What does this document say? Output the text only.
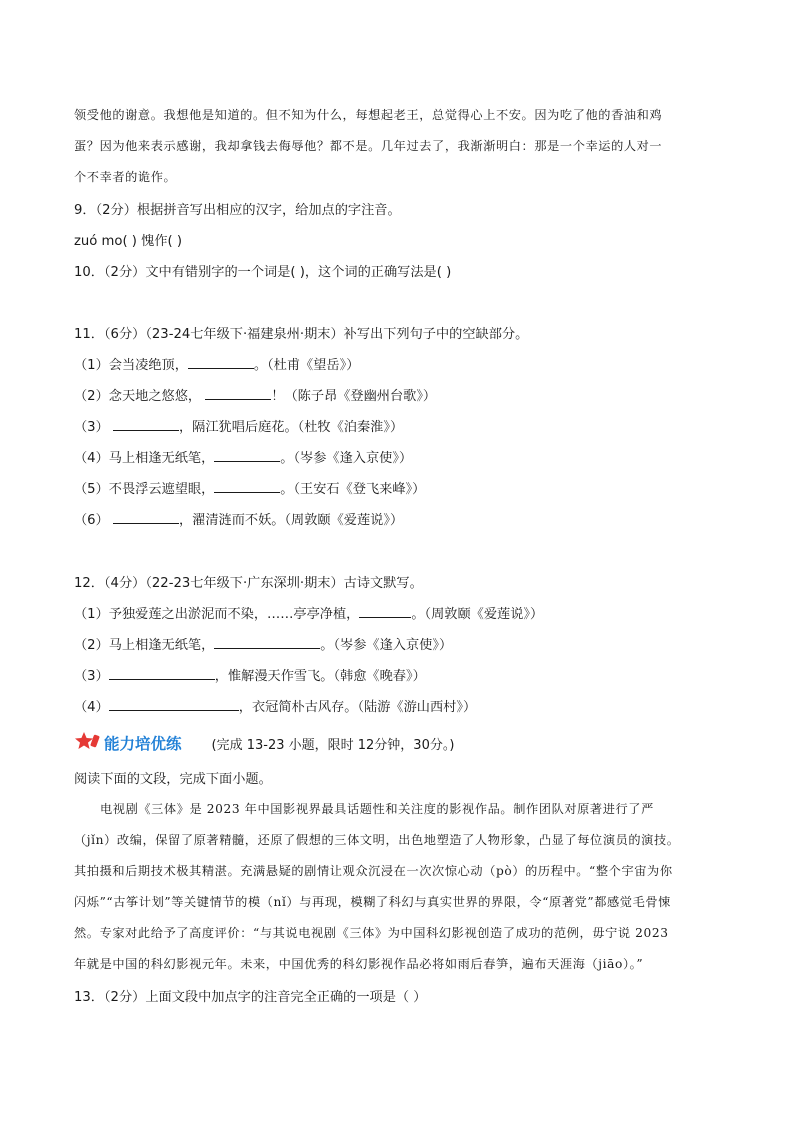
领受他的谢意。我想他是知道的。但不知为什么，每想起老王，总觉得心上不安。因为吃了他的香油和鸡
蛋？因为他来表示感谢，我却拿钱去侮辱他？都不是。几年过去了，我渐渐明白：那是一个幸运的人对一
个不幸者的诡作。
9．（2分）根据拼音写出相应的汉字，给加点的字注音。
zuó mo( ) 愧作( )
10．（2分）文中有错别字的一个词是( )，这个词的正确写法是( )
11．（6分）（23-24七年级下·福建泉州·期末）补写出下列句子中的空缺部分。
（1）会当凌绝顶，	。（杜甫《望岳》）
（2）念天地之悠悠，	！（陈子昂《登幽州台歌》）
（3）	，隔江犹唱后庭花。（杜牧《泊秦淮》）
（4）马上相逢无纸笔，	。（岑参《逢入京使》）
（5）不畏浮云遮望眼，	。（王安石《登飞来峰》）
（6）	，濯清涟而不妖。（周敦颐《爱莲说》）
12．（4分）（22-23七年级下·广东深圳·期末）古诗文默写。
（1）予独爱莲之出淤泥而不染，……亭亭净植，	。（周敦颐《爱莲说》）
（2）马上相逢无纸笔，	。（岑参《逢入京使》）
（3）	，惟解漫天作雪飞。（韩愈《晚春》）
（4）	，衣冠简朴古风存。（陆游《游山西村》）
能力培优练 (完成 13-23 小题，限时 12分钟，30分。)
阅读下面的文段，完成下面小题。
电视剧《三体》是 2023 年中国影视界最具话题性和关注度的影视作品。制作团队对原著进行了严
（jǐn）改编，保留了原著精髓，还原了假想的三体文明，出色地塑造了人物形象，凸显了每位演员的演技。
其拍摄和后期技术极其精湛。充满悬疑的剧情让观众沉浸在一次次惊心动（pò）的历程中。“整个宇宙为你
闪烁”“古筝计划”等关键情节的模（nǐ）与再现，模糊了科幻与真实世界的界限，令“原著党”都感觉毛骨悚
然。专家对此给予了高度评价：“与其说电视剧《三体》为中国科幻影视创造了成功的范例，毋宁说 2023
年就是中国的科幻影视元年。未来，中国优秀的科幻影视作品必将如雨后春笋，遍布天涯海（jiāo）。”
13．（2分）上面文段中加点字的注音完全正确的一项是（ ）
